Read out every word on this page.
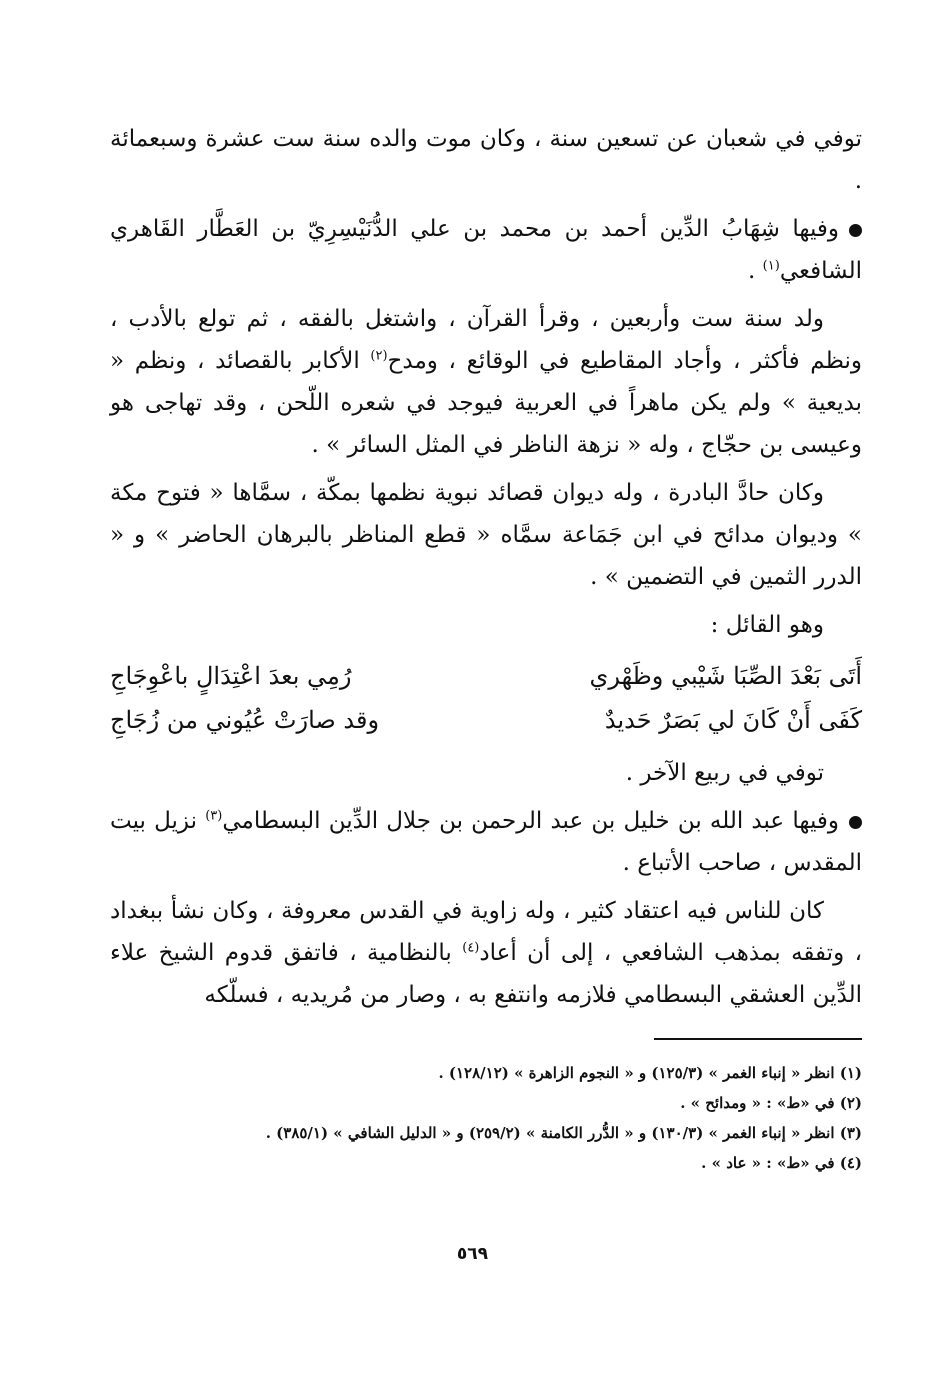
توفي في شعبان عن تسعين سنة ، وكان موت والده سنة ست عشرة وسبعمائة .

وفيها شِهَابُ الدِّين أحمد بن محمد بن علي الدُّنَيْسِرِيّ بن العَطَّار القَاهري الشافعي$^{(١)}$ .

ولد سنة ست وأربعين ، وقرأ القرآن ، واشتغل بالفقه ، ثم تولع بالأدب ، ونظم فأكثر ، وأجاد المقاطيع في الوقائع ، ومدح$^{(٢)}$ الأكابر بالقصائد ، ونظم « بديعية » ولم يكن ماهراً في العربية فيوجد في شعره اللّحن ، وقد تهاجى هو وعيسى بن حجّاج ، وله « نزهة الناظر في المثل السائر » .

وكان حادَّ البادرة ، وله ديوان قصائد نبوية نظمها بمكّة ، سمَّاها « فتوح مكة » وديوان مدائح في ابن جَمَاعة سمَّاه « قطع المناظر بالبرهان الحاضر » و « الدرر الثمين في التضمين » .

وهو القائل :

أَتَى بَعْدَ الصِّبَا شَيْبي وظَهْري
رُمِي بعدَ اعْتِدَالٍ باعْوِجَاجِ
كَفَى أَنْ كَانَ لي بَصَرٌ حَديدٌ
وقد صارَتْ عُيُوني من زُجَاجِ

توفي في ربيع الآخر .

وفيها عبد الله بن خليل بن عبد الرحمن بن جلال الدِّين البسطامي$^{(٣)}$ نزيل بيت المقدس ، صاحب الأتباع .

كان للناس فيه اعتقاد كثير ، وله زاوية في القدس معروفة ، وكان نشأ ببغداد ، وتفقه بمذهب الشافعي ، إلى أن أعاد$^{(٤)}$ بالنظامية ، فاتفق قدوم الشيخ علاء الدِّين العشقي البسطامي فلازمه وانتفع به ، وصار من مُريديه ، فسلّكه

(١) انظر « إنباء الغمر » (١٢٥/٣) و « النجوم الزاهرة » (١٢٨/١٢) .

(٢) في «ط» : « ومدائح » .

(٣) انظر « إنباء الغمر » (١٣٠/٣) و « الدُّرر الكامنة » (٢٥٩/٢) و « الدليل الشافي » (٣٨٥/١) .

(٤) في «ط» : « عاد » .

٥٦٩
